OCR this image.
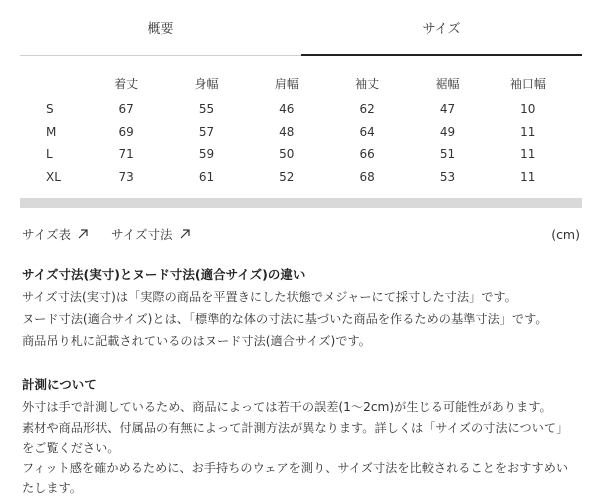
概要	サイズ
	着丈	身幅	肩幅	袖丈	裾幅	袖口幅
S	67	55	46	62	47	10
M	69	57	48	64	49	11
L	71	59	50	66	51	11
XL	73	61	52	68	53	11
サイズ表	サイズ寸法	(cm)
サイズ寸法(実寸)とヌード寸法(適合サイズ)の違い

サイズ寸法(実寸)は「実際の商品を平置きにした状態でメジャーにて採寸した寸法」です。

ヌード寸法(適合サイズ)とは、「標準的な体の寸法に基づいた商品を作るための基準寸法」です。

商品吊り札に記載されているのはヌード寸法(適合サイズ)です。

計測について

外寸は手で計測しているため、商品によっては若干の誤差(1〜2cm)が生じる可能性があります。

素材や商品形状、付属品の有無によって計測方法が異なります。詳しくは「サイズの寸法について」をご覧ください。

フィット感を確かめるために、お手持ちのウェアを測り、サイズ寸法を比較されることをおすすめいたします。
